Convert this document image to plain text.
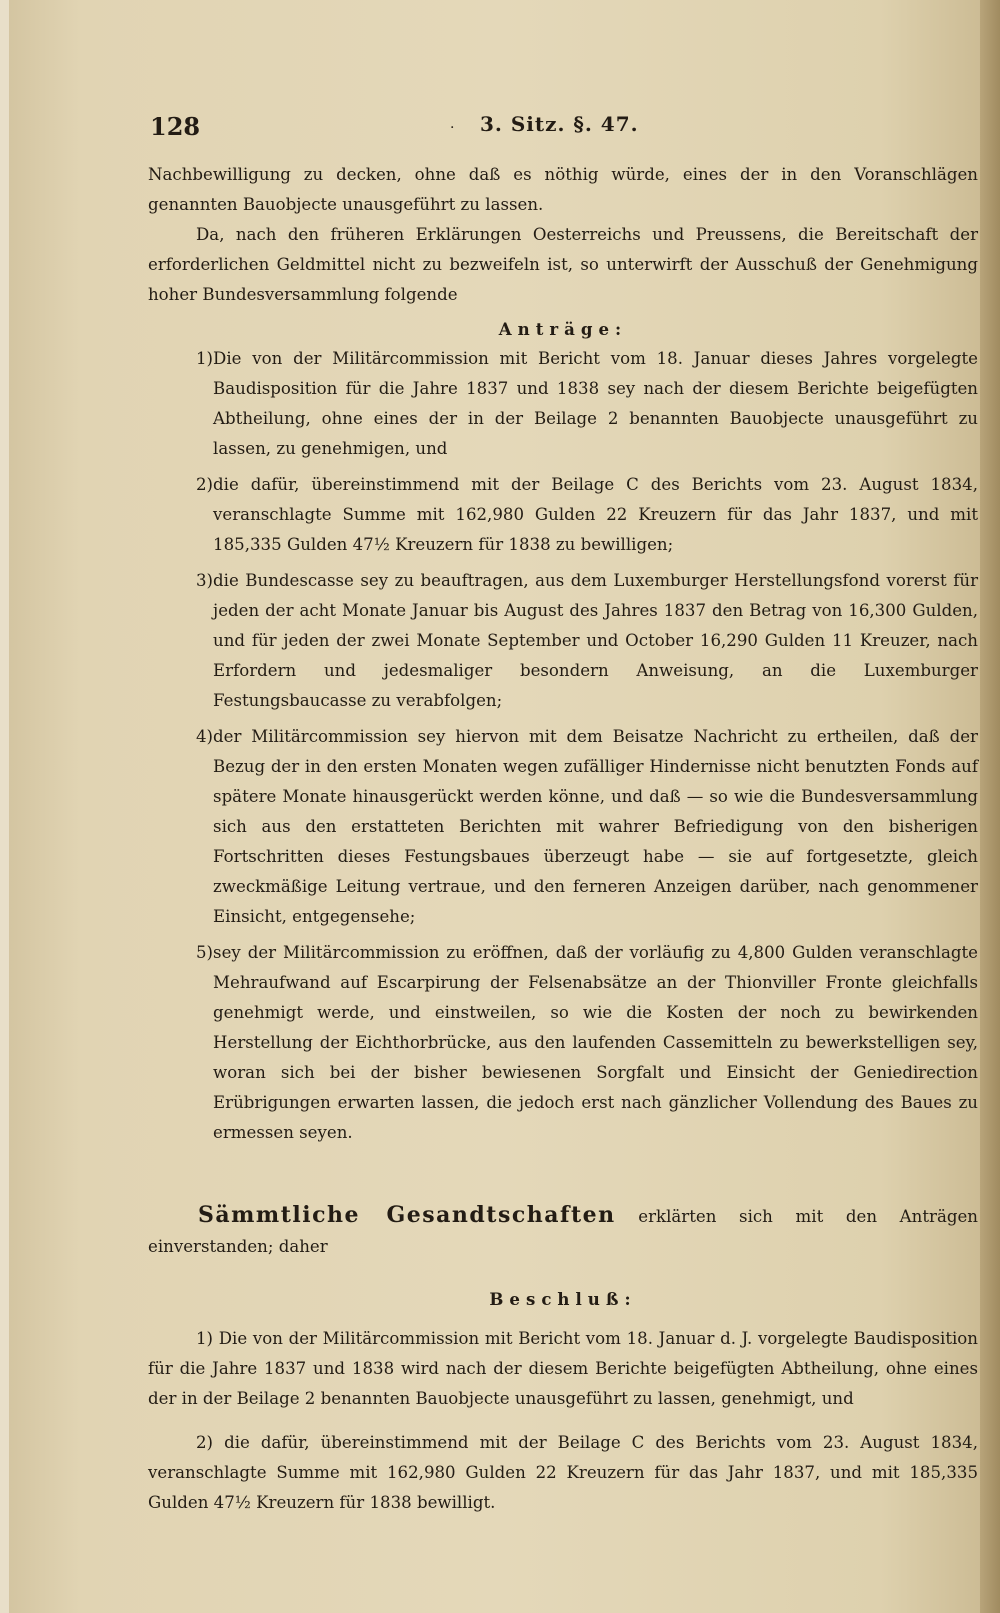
128	· 3. Sitz. §. 47.

Nachbewilligung zu decken, ohne daß es nöthig würde, eines der in den Voranschlägen genannten Bauobjecte unausgeführt zu lassen.

Da, nach den früheren Erklärungen Oesterreichs und Preussens, die Bereitschaft der erforderlichen Geldmittel nicht zu bezweifeln ist, so unterwirft der Ausschuß der Genehmigung hoher Bundesversammlung folgende

Anträge:

1) Die von der Militärcommission mit Bericht vom 18. Januar dieses Jahres vorgelegte Baudisposition für die Jahre 1837 und 1838 sey nach der diesem Berichte beigefügten Abtheilung, ohne eines der in der Beilage 2 benannten Bauobjecte unausgeführt zu lassen, zu genehmigen, und
2) die dafür, übereinstimmend mit der Beilage C des Berichts vom 23. August 1834, veranschlagte Summe mit 162,980 Gulden 22 Kreuzern für das Jahr 1837, und mit 185,335 Gulden 47½ Kreuzern für 1838 zu bewilligen;
3) die Bundescasse sey zu beauftragen, aus dem Luxemburger Herstellungsfond vorerst für jeden der acht Monate Januar bis August des Jahres 1837 den Betrag von 16,300 Gulden, und für jeden der zwei Monate September und October 16,290 Gulden 11 Kreuzer, nach Erfordern und jedesmaliger besondern Anweisung, an die Luxemburger Festungsbaucasse zu verabfolgen;
4) der Militärcommission sey hiervon mit dem Beisatze Nachricht zu ertheilen, daß der Bezug der in den ersten Monaten wegen zufälliger Hindernisse nicht benutzten Fonds auf spätere Monate hinausgerückt werden könne, und daß — so wie die Bundesversammlung sich aus den erstatteten Berichten mit wahrer Befriedigung von den bisherigen Fortschritten dieses Festungsbaues überzeugt habe — sie auf fortgesetzte, gleich zweckmäßige Leitung vertraue, und den ferneren Anzeigen darüber, nach genommener Einsicht, entgegensehe;
5) sey der Militärcommission zu eröffnen, daß der vorläufig zu 4,800 Gulden veranschlagte Mehraufwand auf Escarpirung der Felsenabsätze an der Thionviller Fronte gleichfalls genehmigt werde, und einstweilen, so wie die Kosten der noch zu bewirkenden Herstellung der Eichthorbrücke, aus den laufenden Cassemitteln zu bewerkstelligen sey, woran sich bei der bisher bewiesenen Sorgfalt und Einsicht der Geniedirection Erübrigungen erwarten lassen, die jedoch erst nach gänzlicher Vollendung des Baues zu ermessen seyen.

Sämmtliche Gesandtschaften erklärten sich mit den Anträgen einverstanden; daher

Beschluß:

1) Die von der Militärcommission mit Bericht vom 18. Januar d. J. vorgelegte Baudisposition für die Jahre 1837 und 1838 wird nach der diesem Berichte beigefügten Abtheilung, ohne eines der in der Beilage 2 benannten Bauobjecte unausgeführt zu lassen, genehmigt, und

2) die dafür, übereinstimmend mit der Beilage C des Berichts vom 23. August 1834, veranschlagte Summe mit 162,980 Gulden 22 Kreuzern für das Jahr 1837, und mit 185,335 Gulden 47½ Kreuzern für 1838 bewilligt.
